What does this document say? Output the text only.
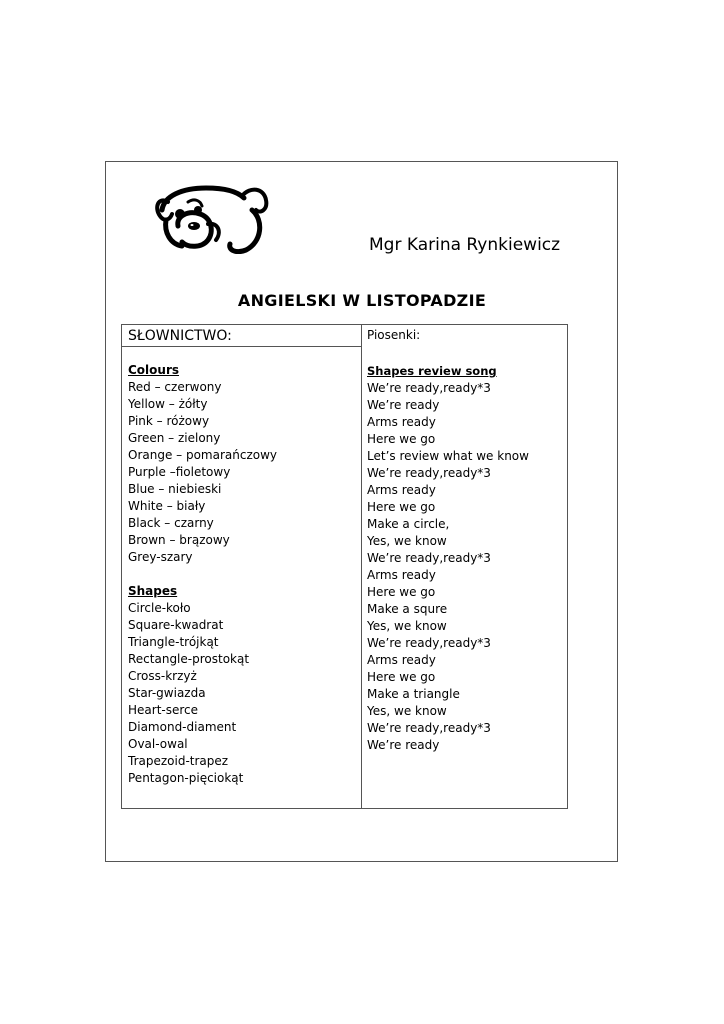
Mgr Karina Rynkiewicz
ANGIELSKI W LISTOPADZIE
SŁOWNICTWO:	Piosenki:
Colours
Red – czerwony
Yellow – żółty
Pink – różowy
Green – zielony
Orange – pomarańczowy
Purple –fioletowy
Blue – niebieski
White – biały
Black – czarny
Brown – brązowy
Grey-szary
Shapes
Circle-koło
Square-kwadrat
Triangle-trójkąt
Rectangle-prostokąt
Cross-krzyż
Star-gwiazda
Heart-serce
Diamond-diament
Oval-owal
Trapezoid-trapez
Pentagon-pięciokąt
Shapes review song
We’re ready,ready*3
We’re ready
Arms ready
Here we go
Let’s review what we know
We’re ready,ready*3
Arms ready
Here we go
Make a circle,
Yes, we know
We’re ready,ready*3
Arms ready
Here we go
Make a squre
Yes, we know
We’re ready,ready*3
Arms ready
Here we go
Make a triangle
Yes, we know
We’re ready,ready*3
We’re ready
